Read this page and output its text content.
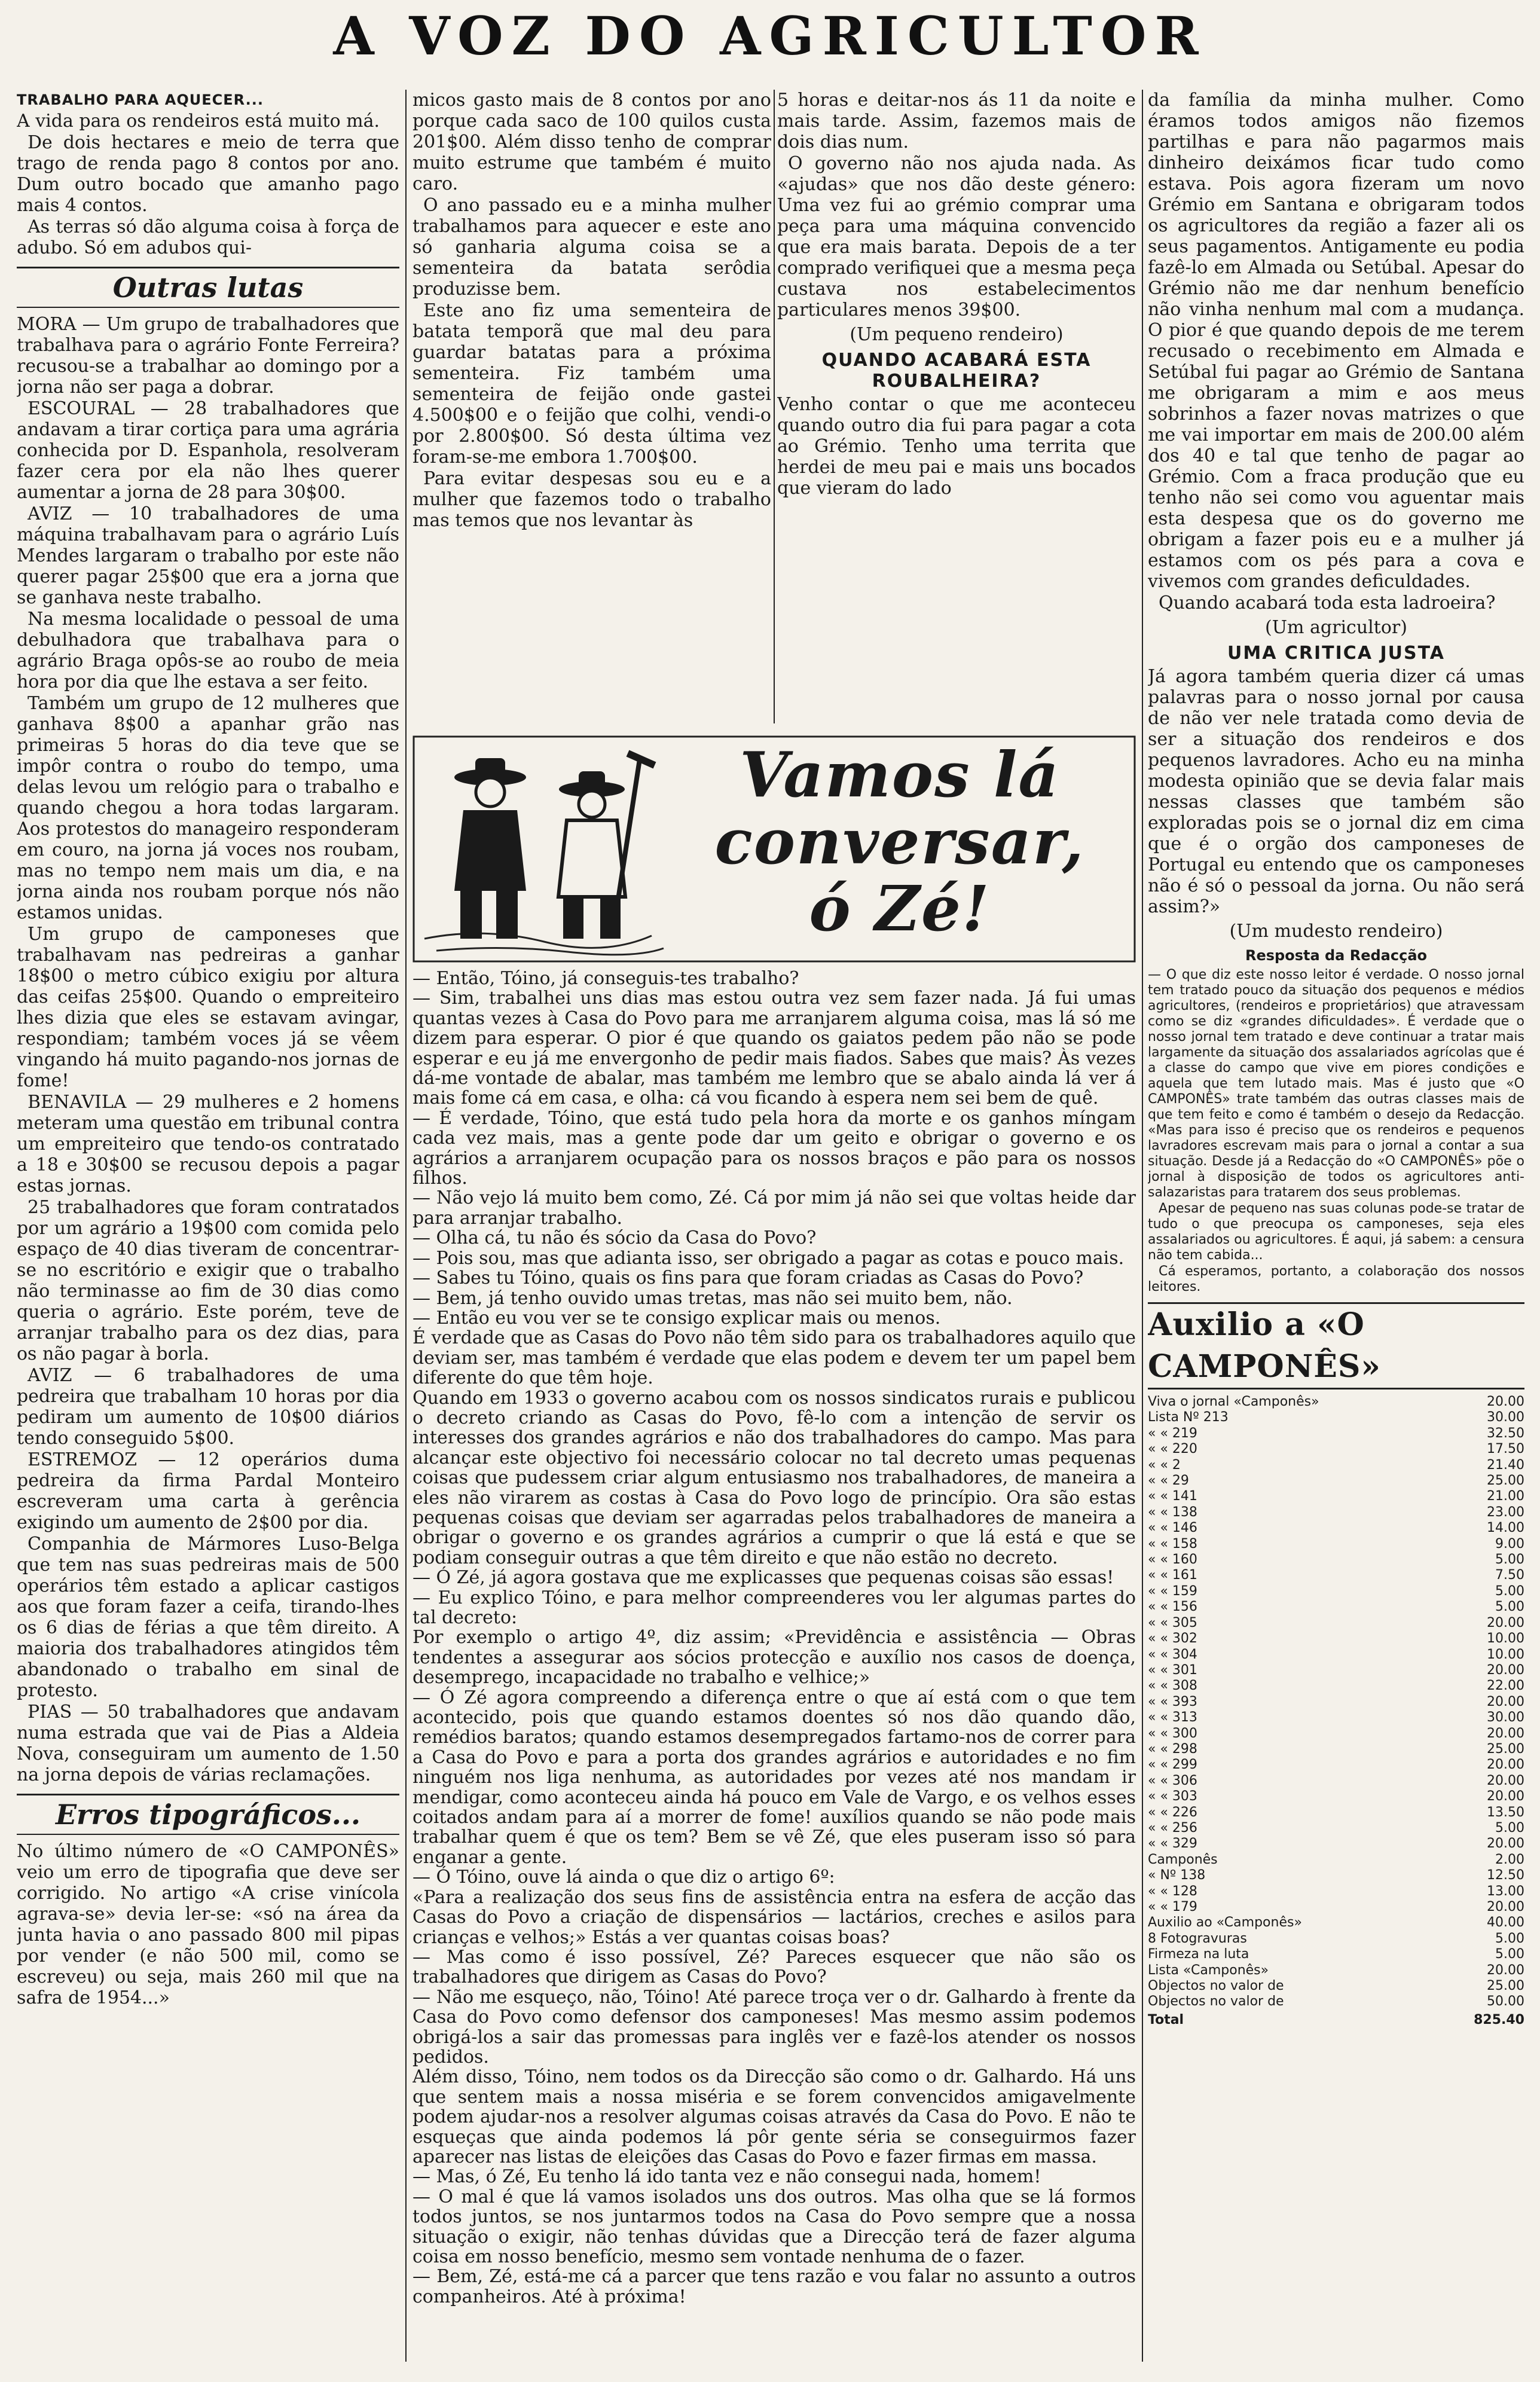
A VOZ DO AGRICULTOR
TRABALHO PARA AQUECER...

A vida para os rendeiros está muito má.

De dois hectares e meio de terra que trago de renda pago 8 contos por ano. Dum outro bocado que amanho pago mais 4 contos.

As terras só dão alguma coisa à força de adubo. Só em adubos qui-

Outras lutas

MORA — Um grupo de trabalhadores que trabalhava para o agrário Fonte Ferreira? recusou-se a trabalhar ao domingo por a jorna não ser paga a dobrar.

ESCOURAL — 28 trabalhadores que andavam a tirar cortiça para uma agrária conhecida por D. Espanhola, resolveram fazer cera por ela não lhes querer aumentar a jorna de 28 para 30$00.

AVIZ — 10 trabalhadores de uma máquina trabalhavam para o agrário Luís Mendes largaram o trabalho por este não querer pagar 25$00 que era a jorna que se ganhava neste trabalho.

Na mesma localidade o pessoal de uma debulhadora que trabalhava para o agrário Braga opôs-se ao roubo de meia hora por dia que lhe estava a ser feito.

Também um grupo de 12 mulheres que ganhava 8$00 a apanhar grão nas primeiras 5 horas do dia teve que se impôr contra o roubo do tempo, uma delas levou um relógio para o trabalho e quando chegou a hora todas largaram. Aos protestos do manageiro responderam em couro, na jorna já voces nos roubam, mas no tempo nem mais um dia, e na jorna ainda nos roubam porque nós não estamos unidas.

Um grupo de camponeses que trabalhavam nas pedreiras a ganhar 18$00 o metro cúbico exigiu por altura das ceifas 25$00. Quando o empreiteiro lhes dizia que eles se estavam avingar, respondiam; também voces já se vêem vingando há muito pagando-nos jornas de fome!

BENAVILA — 29 mulheres e 2 homens meteram uma questão em tribunal contra um empreiteiro que tendo-os contratado a 18 e 30$00 se recusou depois a pagar estas jornas.

25 trabalhadores que foram contratados por um agrário a 19$00 com comida pelo espaço de 40 dias tiveram de concentrar-se no escritório e exigir que o trabalho não terminasse ao fim de 30 dias como queria o agrário. Este porém, teve de arranjar trabalho para os dez dias, para os não pagar à borla.

AVIZ — 6 trabalhadores de uma pedreira que trabalham 10 horas por dia pediram um aumento de 10$00 diários tendo conseguido 5$00.

ESTREMOZ — 12 operários duma pedreira da firma Pardal Monteiro escreveram uma carta à gerência exigindo um aumento de 2$00 por dia.

Companhia de Mármores Luso-Belga que tem nas suas pedreiras mais de 500 operários têm estado a aplicar castigos aos que foram fazer a ceifa, tirando-lhes os 6 dias de férias a que têm direito. A maioria dos trabalhadores atingidos têm abandonado o trabalho em sinal de protesto.

PIAS — 50 trabalhadores que andavam numa estrada que vai de Pias a Aldeia Nova, conseguiram um aumento de 1.50 na jorna depois de várias reclamações.

Erros tipográficos...

No último número de «O CAMPONÊS» veio um erro de tipografia que deve ser corrigido. No artigo «A crise vinícola agrava-se» devia ler-se: «só na área da junta havia o ano passado 800 mil pipas por vender (e não 500 mil, como se escreveu) ou seja, mais 260 mil que na safra de 1954...»

micos gasto mais de 8 contos por ano porque cada saco de 100 quilos custa 201$00. Além disso tenho de comprar muito estrume que também é muito caro.

O ano passado eu e a minha mulher trabalhamos para aquecer e este ano só ganharia alguma coisa se a sementeira da batata serôdia produzisse bem.

Este ano fiz uma sementeira de batata temporã que mal deu para guardar batatas para a próxima sementeira. Fiz também uma sementeira de feijão onde gastei 4.500$00 e o feijão que colhi, vendi-o por 2.800$00. Só desta última vez foram-se-me embora 1.700$00.

Para evitar despesas sou eu e a mulher que fazemos todo o trabalho mas temos que nos levantar às

5 horas e deitar-nos ás 11 da noite e mais tarde. Assim, fazemos mais de dois dias num.

O governo não nos ajuda nada. As «ajudas» que nos dão deste género: Uma vez fui ao grémio comprar uma peça para uma máquina convencido que era mais barata. Depois de a ter comprado verifiquei que a mesma peça custava nos estabelecimentos particulares menos 39$00.

(Um pequeno rendeiro)
QUANDO ACABARÁ ESTA ROUBALHEIRA?

Venho contar o que me aconteceu quando outro dia fui para pagar a cota ao Grémio. Tenho uma territa que herdei de meu pai e mais uns bocados que vieram do lado

da família da minha mulher. Como éramos todos amigos não fizemos partilhas e para não pagarmos mais dinheiro deixámos ficar tudo como estava. Pois agora fizeram um novo Grémio em Santana e obrigaram todos os agricultores da região a fazer ali os seus pagamentos. Antigamente eu podia fazê-lo em Almada ou Setúbal. Apesar do Grémio não me dar nenhum benefício não vinha nenhum mal com a mudança. O pior é que quando depois de me terem recusado o recebimento em Almada e Setúbal fui pagar ao Grémio de Santana me obrigaram a mim e aos meus sobrinhos a fazer novas matrizes o que me vai importar em mais de 200.00 além dos 40 e tal que tenho de pagar ao Grémio. Com a fraca produção que eu tenho não sei como vou aguentar mais esta despesa que os do governo me obrigam a fazer pois eu e a mulher já estamos com os pés para a cova e vivemos com grandes deficuldades.

Quando acabará toda esta ladroeira?

(Um agricultor)
UMA CRITICA JUSTA

Já agora também queria dizer cá umas palavras para o nosso jornal por causa de não ver nele tratada como devia de ser a situação dos rendeiros e dos pequenos lavradores. Acho eu na minha modesta opinião que se devia falar mais nessas classes que também são exploradas pois se o jornal diz em cima que é o orgão dos camponeses de Portugal eu entendo que os camponeses não é só o pessoal da jorna. Ou não será assim?»

(Um mudesto rendeiro)
Resposta da Redacção

— O que diz este nosso leitor é verdade. O nosso jornal tem tratado pouco da situação dos pequenos e médios agricultores, (rendeiros e proprietários) que atravessam como se diz «grandes dificuldades». É verdade que o nosso jornal tem tratado e deve continuar a tratar mais largamente da situação dos assalariados agrícolas que é a classe do campo que vive em piores condições e aquela que tem lutado mais. Mas é justo que «O CAMPONÊS» trate também das outras classes mais de que tem feito e como é também o desejo da Redacção. «Mas para isso é preciso que os rendeiros e pequenos lavradores escrevam mais para o jornal a contar a sua situação. Desde já a Redacção do «O CAMPONÊS» põe o jornal à disposição de todos os agricultores anti-salazaristas para tratarem dos seus problemas.

Apesar de pequeno nas suas colunas pode-se tratar de tudo o que preocupa os camponeses, seja eles assalariados ou agricultores. É aqui, já sabem: a censura não tem cabida...

Cá esperamos, portanto, a colaboração dos nossos leitores.

Auxilio a «O CAMPONÊS»
Viva o jornal «Camponês»	20.00
Lista Nº 213	30.00
« « 219	32.50
« « 220	17.50
« « 2	21.40
« « 29	25.00
« « 141	21.00
« « 138	23.00
« « 146	14.00
« « 158	9.00
« « 160	5.00
« « 161	7.50
« « 159	5.00
« « 156	5.00
« « 305	20.00
« « 302	10.00
« « 304	10.00
« « 301	20.00
« « 308	22.00
« « 393	20.00
« « 313	30.00
« « 300	20.00
« « 298	25.00
« « 299	20.00
« « 306	20.00
« « 303	20.00
« « 226	13.50
« « 256	5.00
« « 329	20.00
Camponês	2.00
« Nº 138	12.50
« « 128	13.00
« « 179	20.00
Auxilio ao «Camponês»	40.00
8 Fotogravuras	5.00
Firmeza na luta	5.00
Lista «Camponês»	20.00
Objectos no valor de	25.00
Objectos no valor de	50.00
Total	825.40
Vamos lá
conversar,
ó Zé!

— Então, Tóino, já conseguis-tes trabalho?

— Sim, trabalhei uns dias mas estou outra vez sem fazer nada. Já fui umas quantas vezes à Casa do Povo para me arranjarem alguma coisa, mas lá só me dizem para esperar. O pior é que quando os gaiatos pedem pão não se pode esperar e eu já me envergonho de pedir mais fiados. Sabes que mais? Às vezes dá-me vontade de abalar, mas também me lembro que se abalo ainda lá ver á mais fome cá em casa, e olha: cá vou ficando à espera nem sei bem de quê.

— É verdade, Tóino, que está tudo pela hora da morte e os ganhos míngam cada vez mais, mas a gente pode dar um geito e obrigar o governo e os agrários a arranjarem ocupação para os nossos braços e pão para os nossos filhos.

— Não vejo lá muito bem como, Zé. Cá por mim já não sei que voltas heide dar para arranjar trabalho.

— Olha cá, tu não és sócio da Casa do Povo?

— Pois sou, mas que adianta isso, ser obrigado a pagar as cotas e pouco mais.

— Sabes tu Tóino, quais os fins para que foram criadas as Casas do Povo?

— Bem, já tenho ouvido umas tretas, mas não sei muito bem, não.

— Então eu vou ver se te consigo explicar mais ou menos.

É verdade que as Casas do Povo não têm sido para os trabalhadores aquilo que deviam ser, mas também é verdade que elas podem e devem ter um papel bem diferente do que têm hoje.

Quando em 1933 o governo acabou com os nossos sindicatos rurais e publicou o decreto criando as Casas do Povo, fê-lo com a intenção de servir os interesses dos grandes agrários e não dos trabalhadores do campo. Mas para alcançar este objectivo foi necessário colocar no tal decreto umas pequenas coisas que pudessem criar algum entusiasmo nos trabalhadores, de maneira a eles não virarem as costas à Casa do Povo logo de princípio. Ora são estas pequenas coisas que deviam ser agarradas pelos trabalhadores de maneira a obrigar o governo e os grandes agrários a cumprir o que lá está e que se podiam conseguir outras a que têm direito e que não estão no decreto.

— Ó Zé, já agora gostava que me explicasses que pequenas coisas são essas!

— Eu explico Tóino, e para melhor compreenderes vou ler algumas partes do tal decreto:

Por exemplo o artigo 4º, diz assim; «Previdência e assistência — Obras tendentes a assegurar aos sócios protecção e auxílio nos casos de doença, desemprego, incapacidade no trabalho e velhice;»

— Ó Zé agora compreendo a diferença entre o que aí está com o que tem acontecido, pois que quando estamos doentes só nos dão quando dão, remédios baratos; quando estamos desempregados fartamo-nos de correr para a Casa do Povo e para a porta dos grandes agrários e autoridades e no fim ninguém nos liga nenhuma, as autoridades por vezes até nos mandam ir mendigar, como aconteceu ainda há pouco em Vale de Vargo, e os velhos esses coitados andam para aí a morrer de fome! auxílios quando se não pode mais trabalhar quem é que os tem? Bem se vê Zé, que eles puseram isso só para enganar a gente.

— Ó Tóino, ouve lá ainda o que diz o artigo 6º:

«Para a realização dos seus fins de assistência entra na esfera de acção das Casas do Povo a criação de dispensários — lactários, creches e asilos para crianças e velhos;» Estás a ver quantas coisas boas?

— Mas como é isso possível, Zé? Pareces esquecer que não são os trabalhadores que dirigem as Casas do Povo?

— Não me esqueço, não, Tóino! Até parece troça ver o dr. Galhardo à frente da Casa do Povo como defensor dos camponeses! Mas mesmo assim podemos obrigá-los a sair das promessas para inglês ver e fazê-los atender os nossos pedidos.

Além disso, Tóino, nem todos os da Direcção são como o dr. Galhardo. Há uns que sentem mais a nossa miséria e se forem convencidos amigavelmente podem ajudar-nos a resolver algumas coisas através da Casa do Povo. E não te esqueças que ainda podemos lá pôr gente séria se conseguirmos fazer aparecer nas listas de eleições das Casas do Povo e fazer firmas em massa.

— Mas, ó Zé, Eu tenho lá ido tanta vez e não consegui nada, homem!

— O mal é que lá vamos isolados uns dos outros. Mas olha que se lá formos todos juntos, se nos juntarmos todos na Casa do Povo sempre que a nossa situação o exigir, não tenhas dúvidas que a Direcção terá de fazer alguma coisa em nosso benefício, mesmo sem vontade nenhuma de o fazer.

— Bem, Zé, está-me cá a parcer que tens razão e vou falar no assunto a outros companheiros. Até à próxima!
